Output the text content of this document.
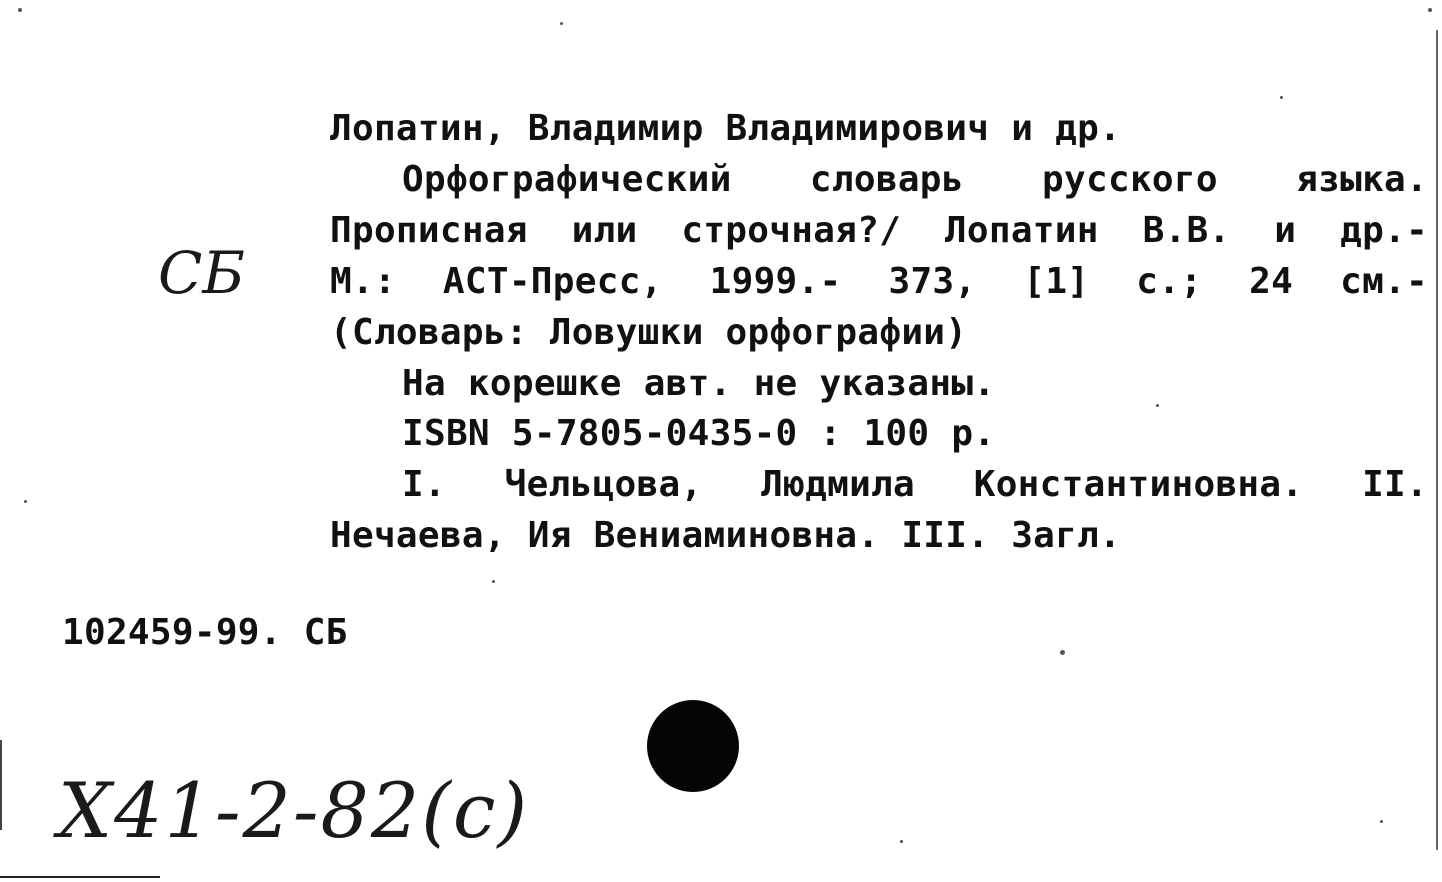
Лопатин, Владимир Владимирович и др.
Орфографический словарь русского языка.
Прописная или строчная?/ Лопатин В.В. и др.-
М.: АСТ-Пресс, 1999.- 373, [1] с.; 24 см.-
(Словарь: Ловушки орфографии)
На корешке авт. не указаны.
ISBN 5-7805-0435-0 : 100 р.
I. Чельцова, Людмила Константиновна. II.
Нечаева, Ия Вениаминовна. III. Загл.
102459-99. СБ
СБ
Х41-2-82(с)
